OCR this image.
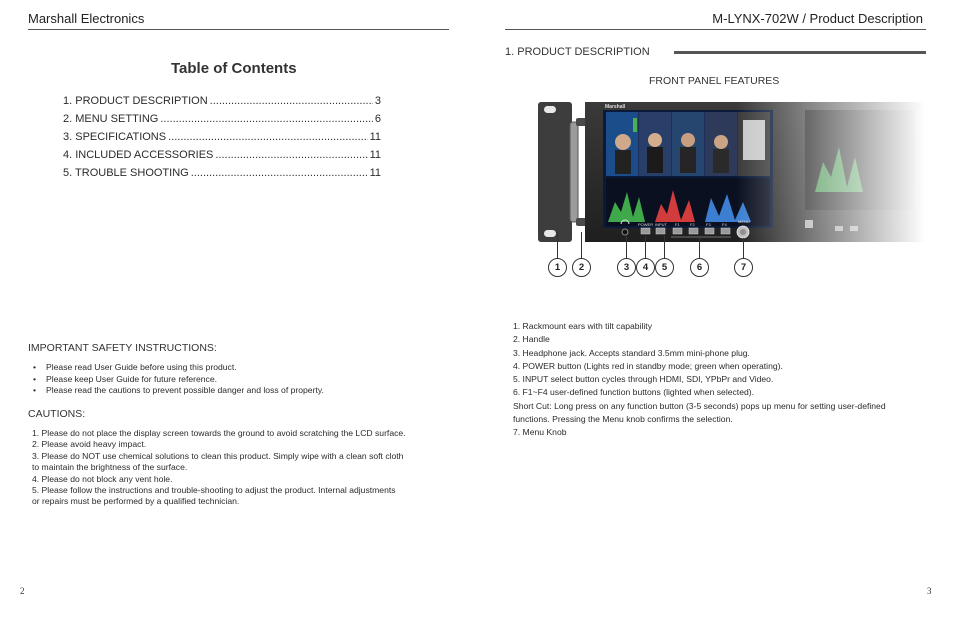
Marshall Electronics
Table of Contents
1. PRODUCT DESCRIPTION .....	3
2. MENU SETTING .....	6
3. SPECIFICATIONS .....	11
4. INCLUDED ACCESSORIES .....	11
5. TROUBLE SHOOTING .....	11
IMPORTANT SAFETY INSTRUCTIONS:
• Please read User Guide before using this product.
• Please keep User Guide for future reference.
• Please read the cautions to prevent possible danger and loss of property.
CAUTIONS:
1. Please do not place the display screen towards the ground to avoid scratching the LCD surface.
2. Please avoid heavy impact.
3. Please do NOT use chemical solutions to clean this product. Simply wipe with a clean soft cloth
to maintain the brightness of the surface.
4. Please do not block any vent hole.
5. Please follow the instructions and trouble-shooting to adjust the product. Internal adjustments
or repairs must be performed by a qualified technician.
2
M-LYNX-702W / Product Description
1. PRODUCT DESCRIPTION
FRONT PANEL FEATURES
POWER INPUT F1	F2	F3	F4
MENU
1	2	3	4	5	6	7
1. Rackmount ears with tilt capability
2. Handle
3. Headphone jack. Accepts standard 3.5mm mini-phone plug.
4. POWER button (Lights red in standby mode; green when operating).
5. INPUT select button cycles through HDMI, SDI, YPbPr and Video.
6. F1~F4 user-defined function buttons (lighted when selected).
Short Cut: Long press on any function button (3-5 seconds) pops up menu for setting user-defined
functions. Pressing the Menu knob confirms the selection.
7. Menu Knob
3
